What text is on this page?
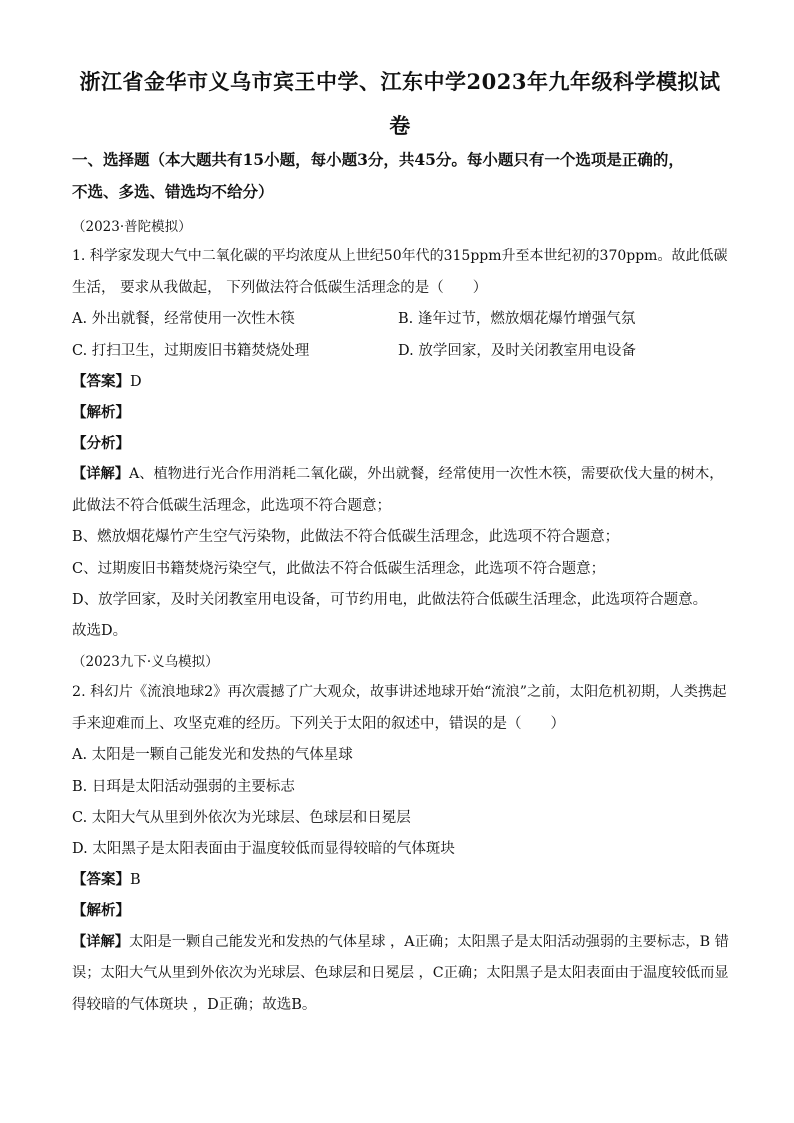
浙江省金华市义乌市宾王中学、江东中学2023年九年级科学模拟试
卷
一、选择题（本大题共有15小题，每小题3分，共45分。每小题只有一个选项是正确的，
不选、多选、错选均不给分）
（2023·普陀模拟）
1. 科学家发现大气中二氧化碳的平均浓度从上世纪50年代的315ppm升至本世纪初的370ppm。故此低碳
生活， 要求从我做起， 下列做法符合低碳生活理念的是（　　）
A. 外出就餐，经常使用一次性木筷	B. 逢年过节，燃放烟花爆竹增强气氛
C. 打扫卫生，过期废旧书籍焚烧处理	D. 放学回家，及时关闭教室用电设备
【答案】D
【解析】
【分析】
【详解】A、植物进行光合作用消耗二氧化碳，外出就餐，经常使用一次性木筷，需要砍伐大量的树木，
此做法不符合低碳生活理念，此选项不符合题意；
B、燃放烟花爆竹产生空气污染物，此做法不符合低碳生活理念，此选项不符合题意；
C、过期废旧书籍焚烧污染空气，此做法不符合低碳生活理念，此选项不符合题意；
D、放学回家，及时关闭教室用电设备，可节约用电，此做法符合低碳生活理念，此选项符合题意。
故选D。
（2023九下·义乌模拟）
2. 科幻片《流浪地球2》再次震撼了广大观众，故事讲述地球开始“流浪”之前，太阳危机初期，人类携起
手来迎难而上、攻坚克难的经历。下列关于太阳的叙述中，错误的是（　　）
A. 太阳是一颗自己能发光和发热的气体星球
B. 日珥是太阳活动强弱的主要标志
C. 太阳大气从里到外依次为光球层、色球层和日冕层
D. 太阳黑子是太阳表面由于温度较低而显得较暗的气体斑块
【答案】B
【解析】
【详解】太阳是一颗自己能发光和发热的气体星球 ，A正确；太阳黑子是太阳活动强弱的主要标志，B 错
误；太阳大气从里到外依次为光球层、色球层和日冕层 ，C正确；太阳黑子是太阳表面由于温度较低而显
得较暗的气体斑块 ，D正确；故选B。
